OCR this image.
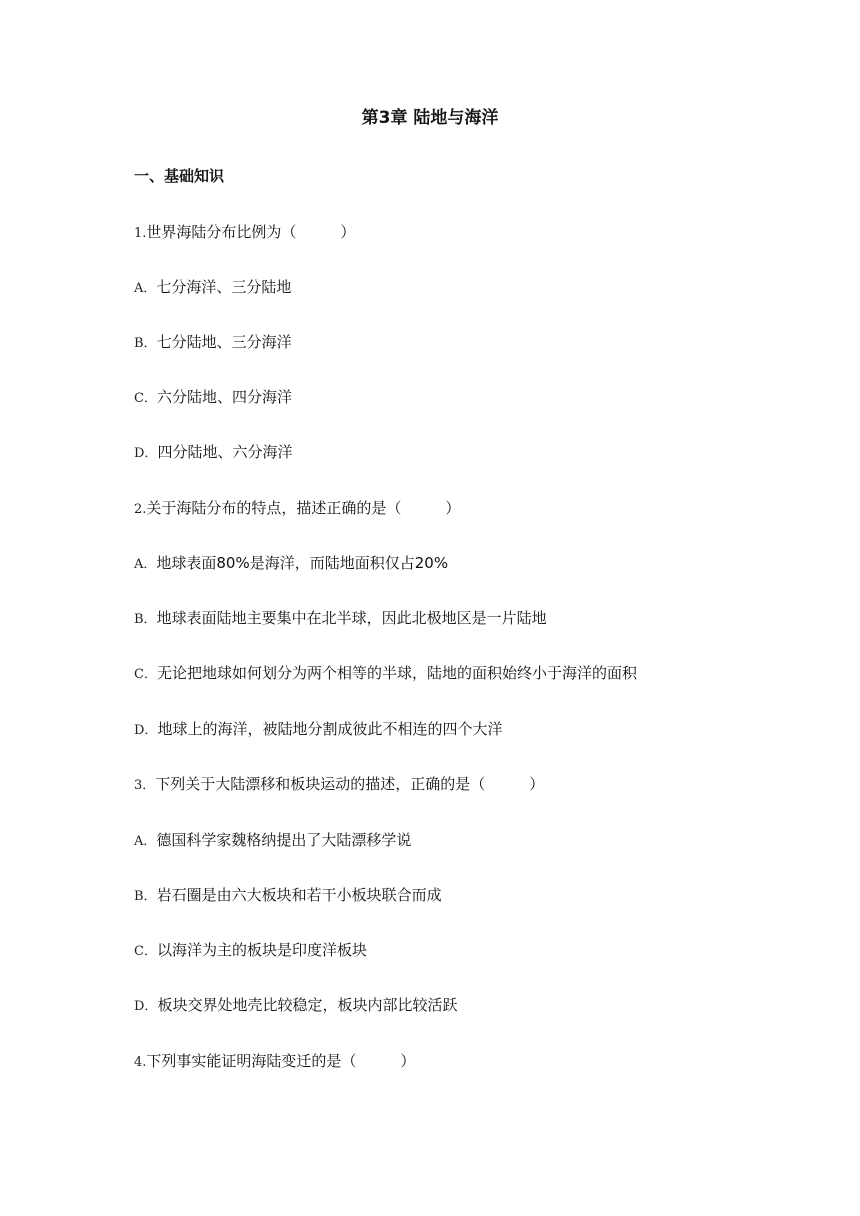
第3章 陆地与海洋
一、基础知识
1.世界海陆分布比例为（	）
A．七分海洋、三分陆地
B．七分陆地、三分海洋
C．六分陆地、四分海洋
D．四分陆地、六分海洋
2.关于海陆分布的特点，描述正确的是（	）
A．地球表面80%是海洋，而陆地面积仅占20%
B．地球表面陆地主要集中在北半球，因此北极地区是一片陆地
C．无论把地球如何划分为两个相等的半球，陆地的面积始终小于海洋的面积
D．地球上的海洋，被陆地分割成彼此不相连的四个大洋
3．下列关于大陆漂移和板块运动的描述，正确的是（	）
A．德国科学家魏格纳提出了大陆漂移学说
B．岩石圈是由六大板块和若干小板块联合而成
C．以海洋为主的板块是印度洋板块
D．板块交界处地壳比较稳定，板块内部比较活跃
4.下列事实能证明海陆变迁的是（	）
